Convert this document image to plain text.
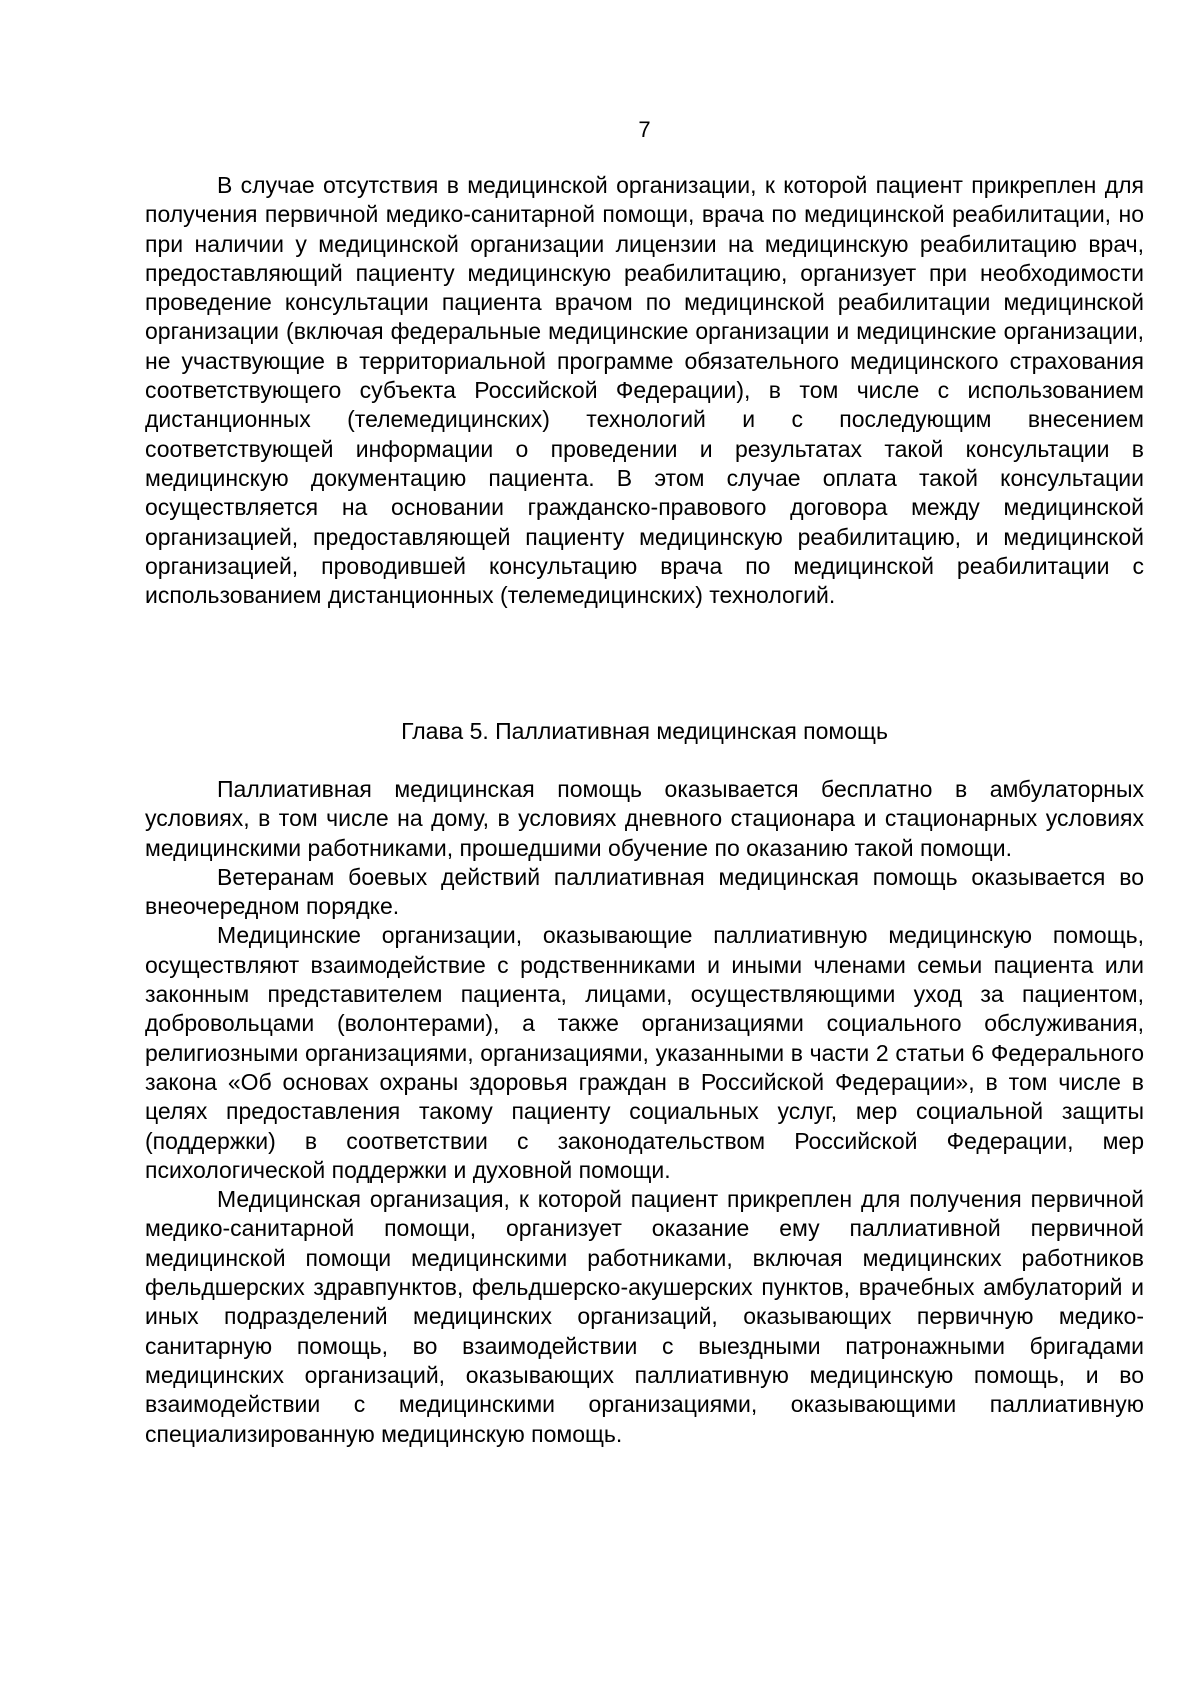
7

В случае отсутствия в медицинской организации, к которой пациент прикреплен для получения первичной медико-санитарной помощи, врача по медицинской реабилитации, но при наличии у медицинской организации лицензии на медицинскую реабилитацию врач, предоставляющий пациенту медицинскую реабилитацию, организует при необходимости проведение консультации пациента врачом по медицинской реабилитации медицинской организации (включая федеральные медицинские организации и медицинские организации, не участвующие в территориальной программе обязательного медицинского страхования соответствующего субъекта Российской Федерации), в том числе с использованием дистанционных (телемедицинских) технологий и с последующим внесением соответствующей информации о проведении и результатах такой консультации в медицинскую документацию пациента. В этом случае оплата такой консультации осуществляется на основании гражданско-правового договора между медицинской организацией, предоставляющей пациенту медицинскую реабилитацию, и медицинской организацией, проводившей консультацию врача по медицинской реабилитации с использованием дистанционных (телемедицинских) технологий.

Глава 5. Паллиативная медицинская помощь

Паллиативная медицинская помощь оказывается бесплатно в амбулаторных условиях, в том числе на дому, в условиях дневного стационара и стационарных условиях медицинскими работниками, прошедшими обучение по оказанию такой помощи.

Ветеранам боевых действий паллиативная медицинская помощь оказывается во внеочередном порядке.

Медицинские организации, оказывающие паллиативную медицинскую помощь, осуществляют взаимодействие с родственниками и иными членами семьи пациента или законным представителем пациента, лицами, осуществляющими уход за пациентом, добровольцами (волонтерами), а также организациями социального обслуживания, религиозными организациями, организациями, указанными в части 2 статьи 6 Федерального закона «Об основах охраны здоровья граждан в Российской Федерации», в том числе в целях предоставления такому пациенту социальных услуг, мер социальной защиты (поддержки) в соответствии с законодательством Российской Федерации, мер психологической поддержки и духовной помощи.

Медицинская организация, к которой пациент прикреплен для получения первичной медико-санитарной помощи, организует оказание ему паллиативной первичной медицинской помощи медицинскими работниками, включая медицинских работников фельдшерских здравпунктов, фельдшерско-акушерских пунктов, врачебных амбулаторий и иных подразделений медицинских организаций, оказывающих первичную медико-санитарную помощь, во взаимодействии с выездными патронажными бригадами медицинских организаций, оказывающих паллиативную медицинскую помощь, и во взаимодействии с медицинскими организациями, оказывающими паллиативную специализированную медицинскую помощь.
